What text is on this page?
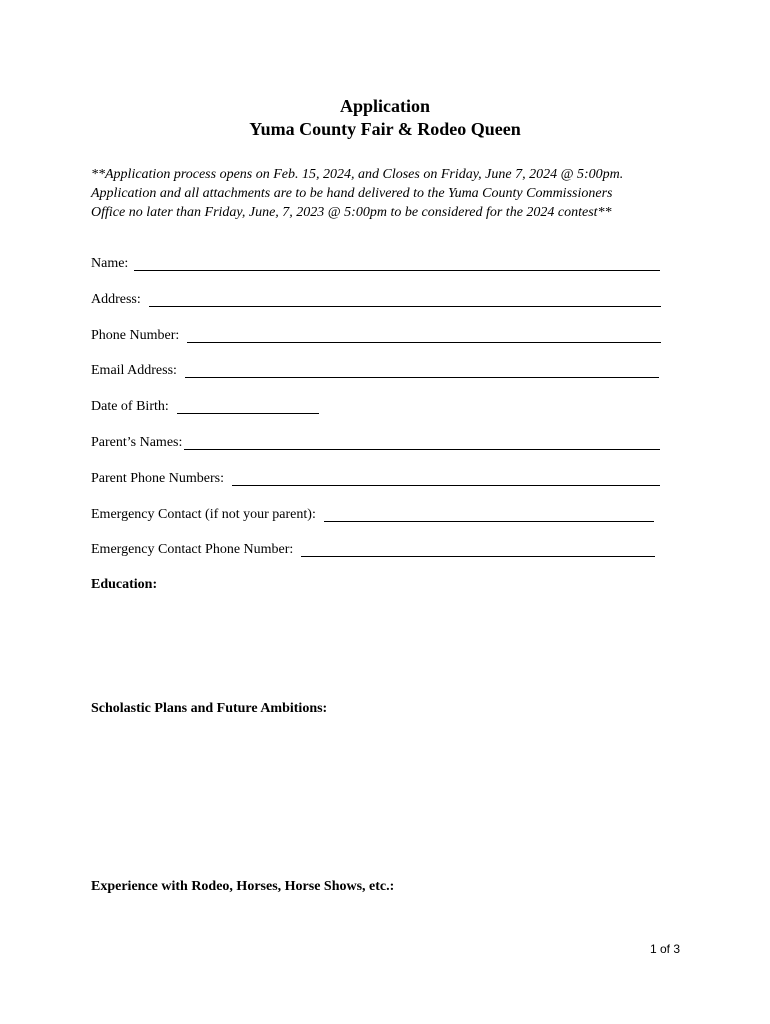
Application
Yuma County Fair & Rodeo Queen
**Application process opens on Feb. 15, 2024, and Closes on Friday, June 7, 2024 @ 5:00pm.
Application and all attachments are to be hand delivered to the Yuma County Commissioners
Office no later than Friday, June, 7, 2023 @ 5:00pm to be considered for the 2024 contest**
Name:
Address:
Phone Number:
Email Address:
Date of Birth:
Parent’s Names:
Parent Phone Numbers:
Emergency Contact (if not your parent):
Emergency Contact Phone Number:
Education:
Scholastic Plans and Future Ambitions:
Experience with Rodeo, Horses, Horse Shows, etc.:
1 of 3
